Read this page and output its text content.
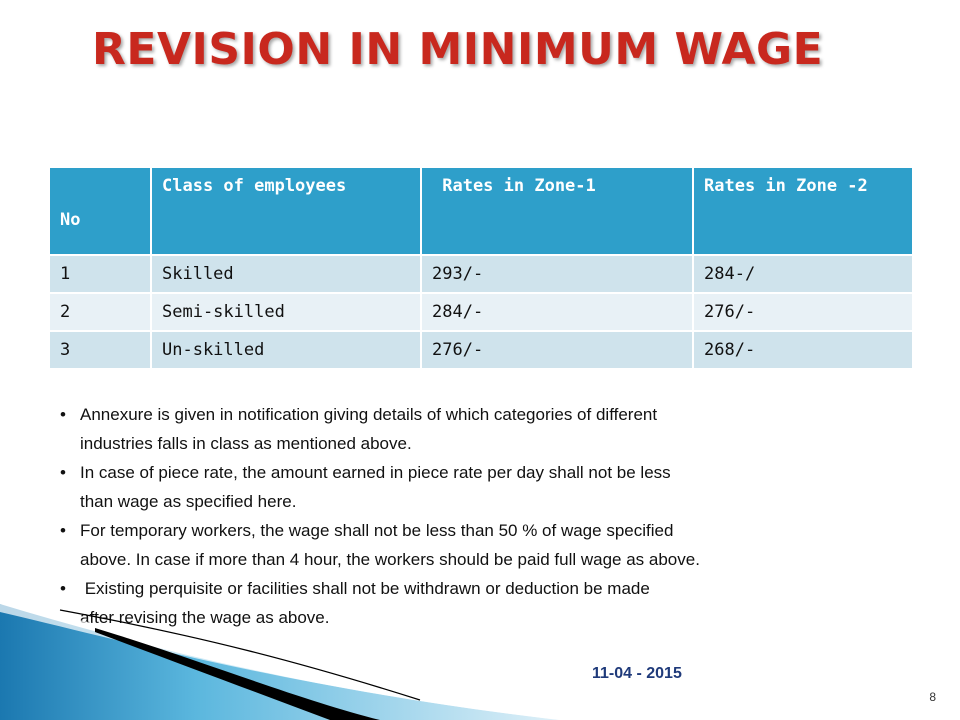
REVISION IN MINIMUM WAGE
No	Class of employees	Rates in Zone-1	Rates in Zone -2
1	Skilled	293/-	284-/
2	Semi-skilled	284/-	276/-
3	Un-skilled	276/-	268/-
• Annexure is given in notification giving details of which categories of different
industries falls in class as mentioned above.
• In case of piece rate, the amount earned in piece rate per day shall not be less
than wage as specified here.
• For temporary workers, the wage shall not be less than 50 % of wage specified
above. In case if more than 4 hour, the workers should be paid full wage as above.
• Existing perquisite or facilities shall not be withdrawn or deduction be made
after revising the wage as above.
11-04 - 2015
8
